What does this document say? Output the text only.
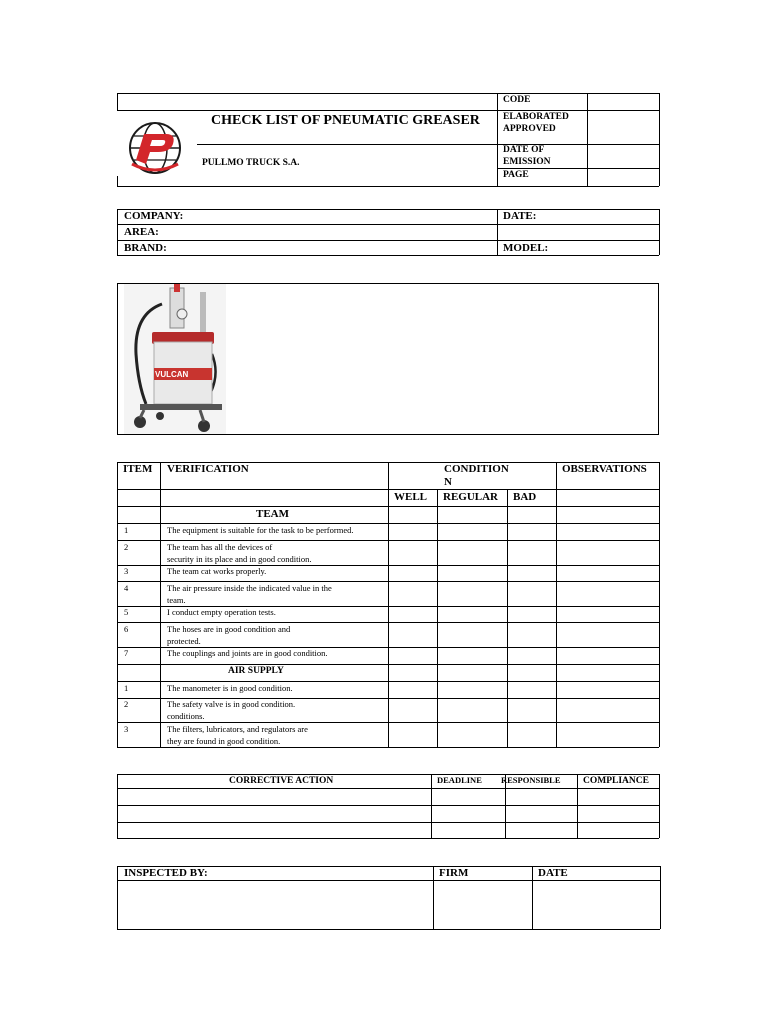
CHECK LIST OF PNEUMATIC GREASER
PULLMO TRUCK S.A.
CODE
ELABORATED
APPROVED
DATE OF
EMISSION
PAGE
COMPANY:	DATE:
AREA:
BRAND:	MODEL:
VULCAN
ITEM VERIFICATION	CONDITION
N
OBSERVATIONS
WELL REGULAR BAD
TEAM
1	The equipment is suitable for the task to be performed.
2	The team has all the devices of
security in its place and in good condition.
3	The team cat works properly.
4	The air pressure inside the indicated value in the
team.
5	I conduct empty operation tests.
6	The hoses are in good condition and
protected.
7	The couplings and joints are in good condition.
AIR SUPPLY
1	The manometer is in good condition.
2	The safety valve is in good condition.
conditions.
3	The filters, lubricators, and regulators are
they are found in good condition.
CORRECTIVE ACTION	DEADLINE RESPONSIBLE COMPLIANCE
INSPECTED BY:	FIRM	DATE
